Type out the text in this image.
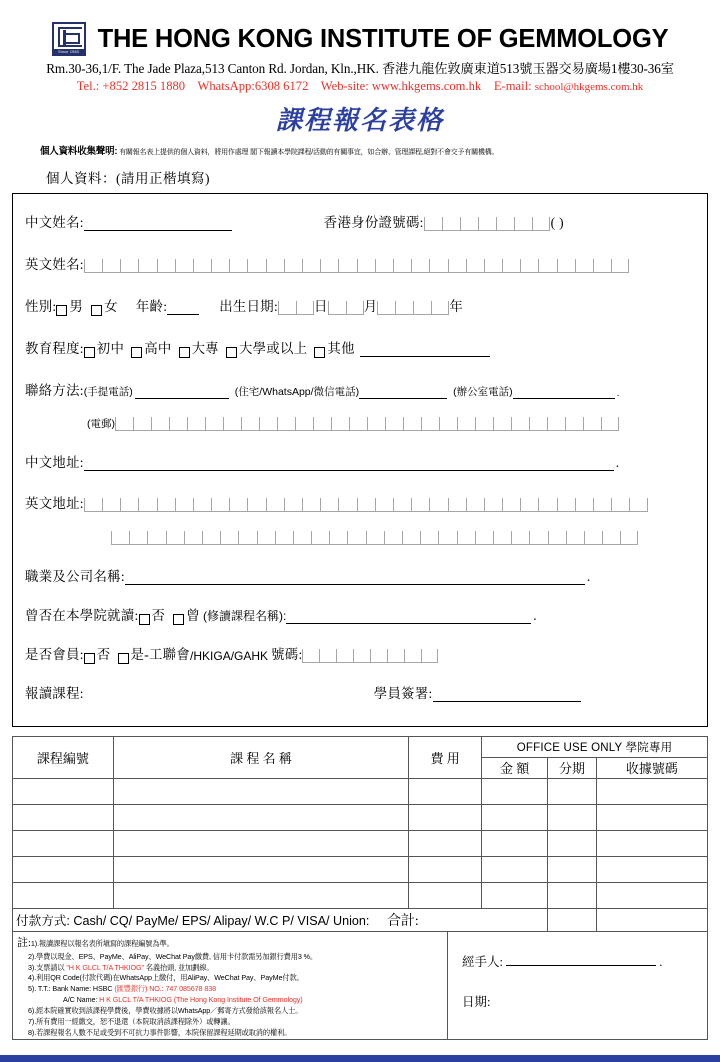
Since 1983 THE HONG KONG INSTITUTE OF GEMMOLOGY
Rm.30-36,1/F. The Jade Plaza,513 Canton Rd. Jordan, Kln.,HK. 香港九龍佐敦廣東道513號玉器交易廣場1樓30-36室
Tel.: +852 2815 1880 WhatsApp:6308 6172 Web-site: www.hkgems.com.hk E-mail: school@hkgems.com.hk
課程報名表格
個人資料收集聲明: 有關報名表上提供的個人資料，將用作處理 閣下報讀本學院課程/活動的有關事宜，如合辦、管理課程,絕對不會交予有關機構。
個人資料：(請用正楷填寫)
中文姓名:	香港身份證號碼:	( )
英文姓名:
性別: 男 女 年齡:	出生日期:	日	月	年
教育程度: 初中 高中 大專 大學或以上 其他
聯絡方法: (手提電話)	(住宅/WhatsApp/微信電話)	(辦公室電話)	.
(電郵)
中文地址:	.
英文地址:
職業及公司名稱:	.
曾否在本學院就讀: 否 曾 (修讀課程名稱):	.
是否會員: 否 是-工聯會 /HKIGA/GAHK 號碼:
報讀課程:	學員簽署:
課程編號	課 程 名 稱	費 用	OFFICE USE ONLY 學院專用		
			金 額	分期	收據號碼

付款方式: Cash/ CQ/ PayMe/ EPS/ Alipay/ W.C P/ VISA/ Union: 合計:					
註:1).報讀課程以報名表所塡寫的課程編號為準。
2).學費以現金、EPS、PayMe、AliPay、WeChat Pay繳費, 信用卡付款需另加銀行費用3 %。
3).支票請以 "H K GLCL T/A THKIOG" 名義抬頭, 並加劃線。
4).利用QR Code(付款代碼)在WhatsApp上繳付，用AliPay、WeChat Pay、PayMe付款。
5). T.T.: Bank Name: HSBC (匯豐銀行) NO.: 747 085678 838
A/C Name: H K GLCL T/A THKIOG (The Hong Kong Institute Of Gemmology)
6).經本院確實收到該課程學費後，學費收據將以WhatsApp／郵寄方式發給該報名人士。
7).所有費用一經繳交，恕不退還（本院取消該課程除外）或轉讓。
8).若課程報名人數不足或受到不可抗力事件影響，本院保留課程延期或取消的權利。
經手人:	.
日期:
